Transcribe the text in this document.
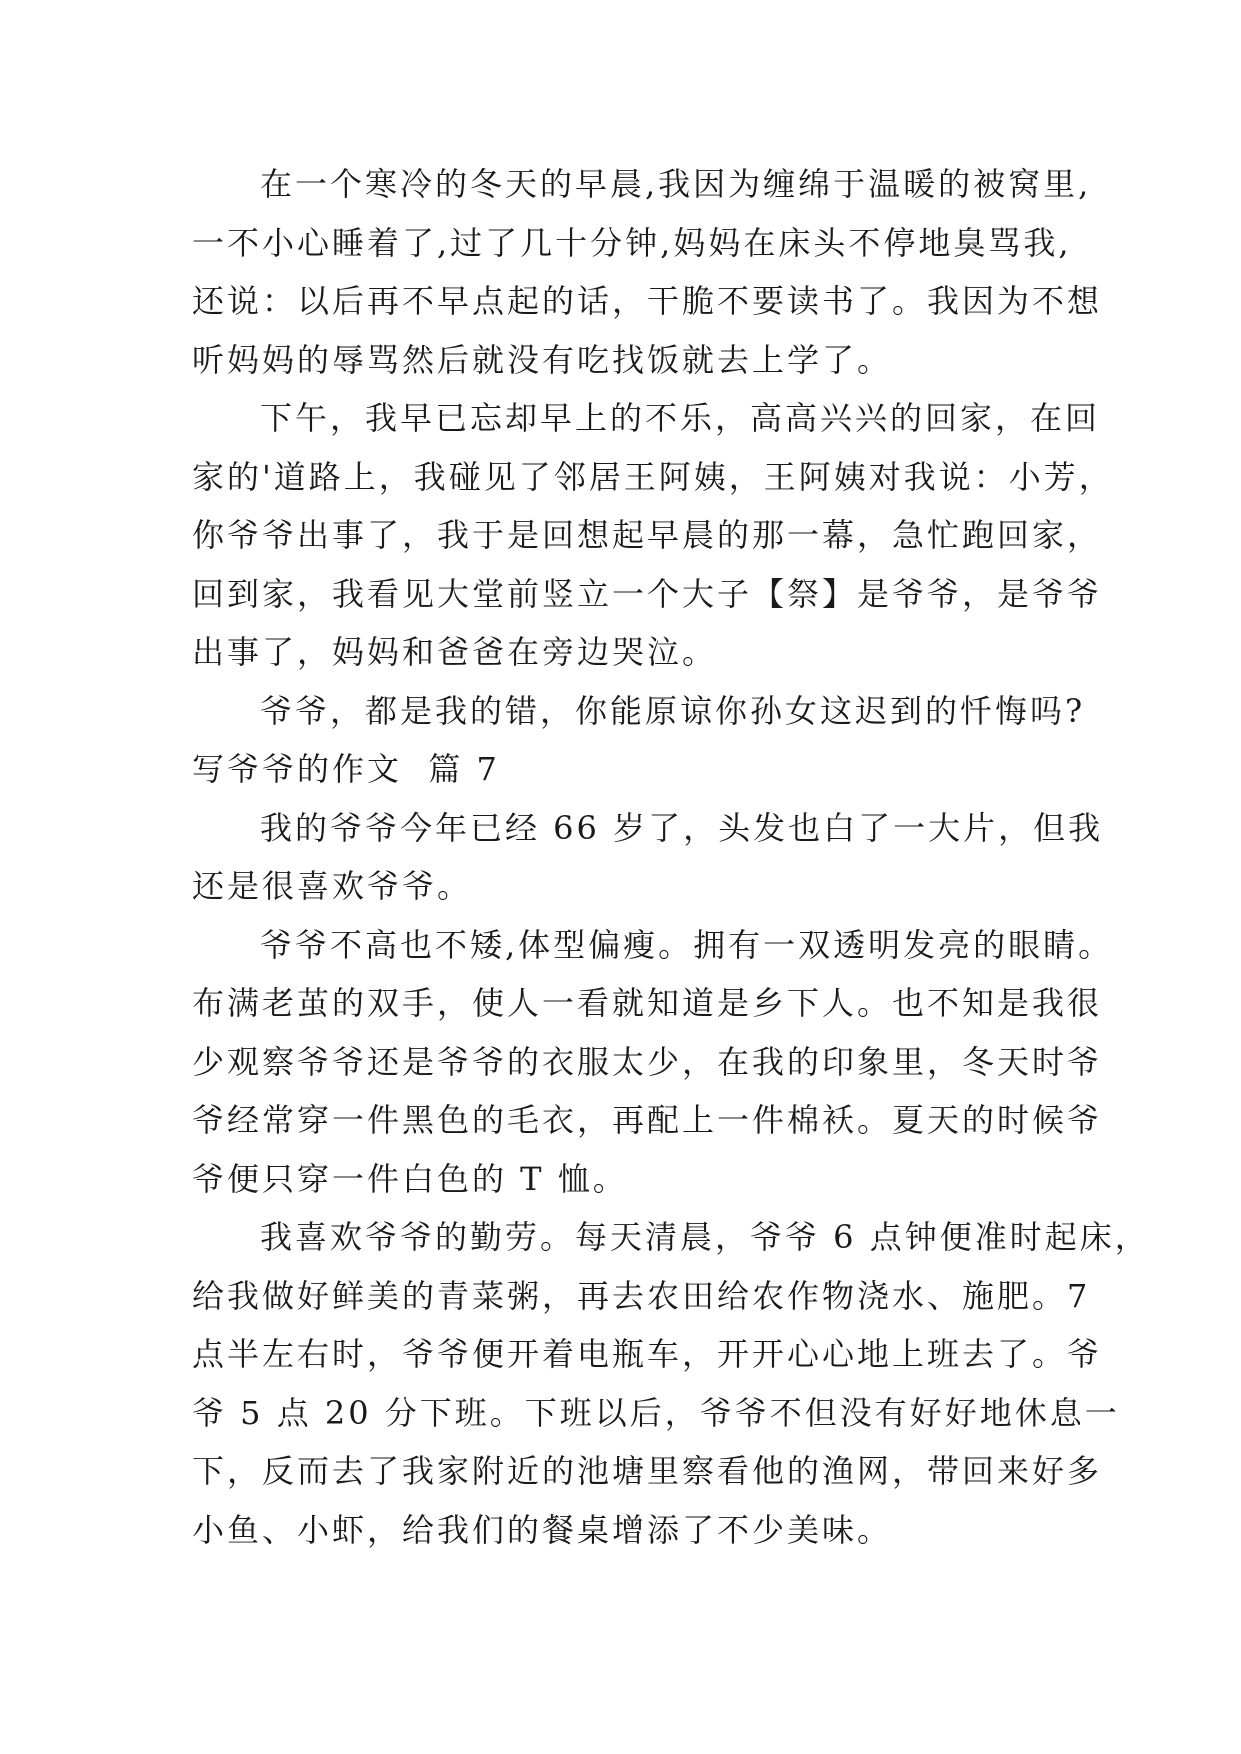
在一个寒冷的冬天的早晨,我因为缠绵于温暖的被窝里,
一不小心睡着了,过了几十分钟,妈妈在床头不停地臭骂我,
还说：以后再不早点起的话，干脆不要读书了。我因为不想
听妈妈的辱骂然后就没有吃找饭就去上学了。
下午，我早已忘却早上的不乐，高高兴兴的回家，在回
家的'道路上，我碰见了邻居王阿姨，王阿姨对我说：小芳，
你爷爷出事了，我于是回想起早晨的那一幕，急忙跑回家，
回到家，我看见大堂前竖立一个大子【祭】是爷爷，是爷爷
出事了，妈妈和爸爸在旁边哭泣。
爷爷，都是我的错，你能原谅你孙女这迟到的忏悔吗?
写爷爷的作文  篇 7
我的爷爷今年已经 66 岁了，头发也白了一大片，但我
还是很喜欢爷爷。
爷爷不高也不矮,体型偏瘦。拥有一双透明发亮的眼睛。
布满老茧的双手，使人一看就知道是乡下人。也不知是我很
少观察爷爷还是爷爷的衣服太少，在我的印象里，冬天时爷
爷经常穿一件黑色的毛衣，再配上一件棉袄。夏天的时候爷
爷便只穿一件白色的 T 恤。
我喜欢爷爷的勤劳。每天清晨，爷爷 6 点钟便准时起床，
给我做好鲜美的青菜粥，再去农田给农作物浇水、施肥。7
点半左右时，爷爷便开着电瓶车，开开心心地上班去了。爷
爷 5 点 20 分下班。下班以后，爷爷不但没有好好地休息一
下，反而去了我家附近的池塘里察看他的渔网，带回来好多
小鱼、小虾，给我们的餐桌增添了不少美味。
